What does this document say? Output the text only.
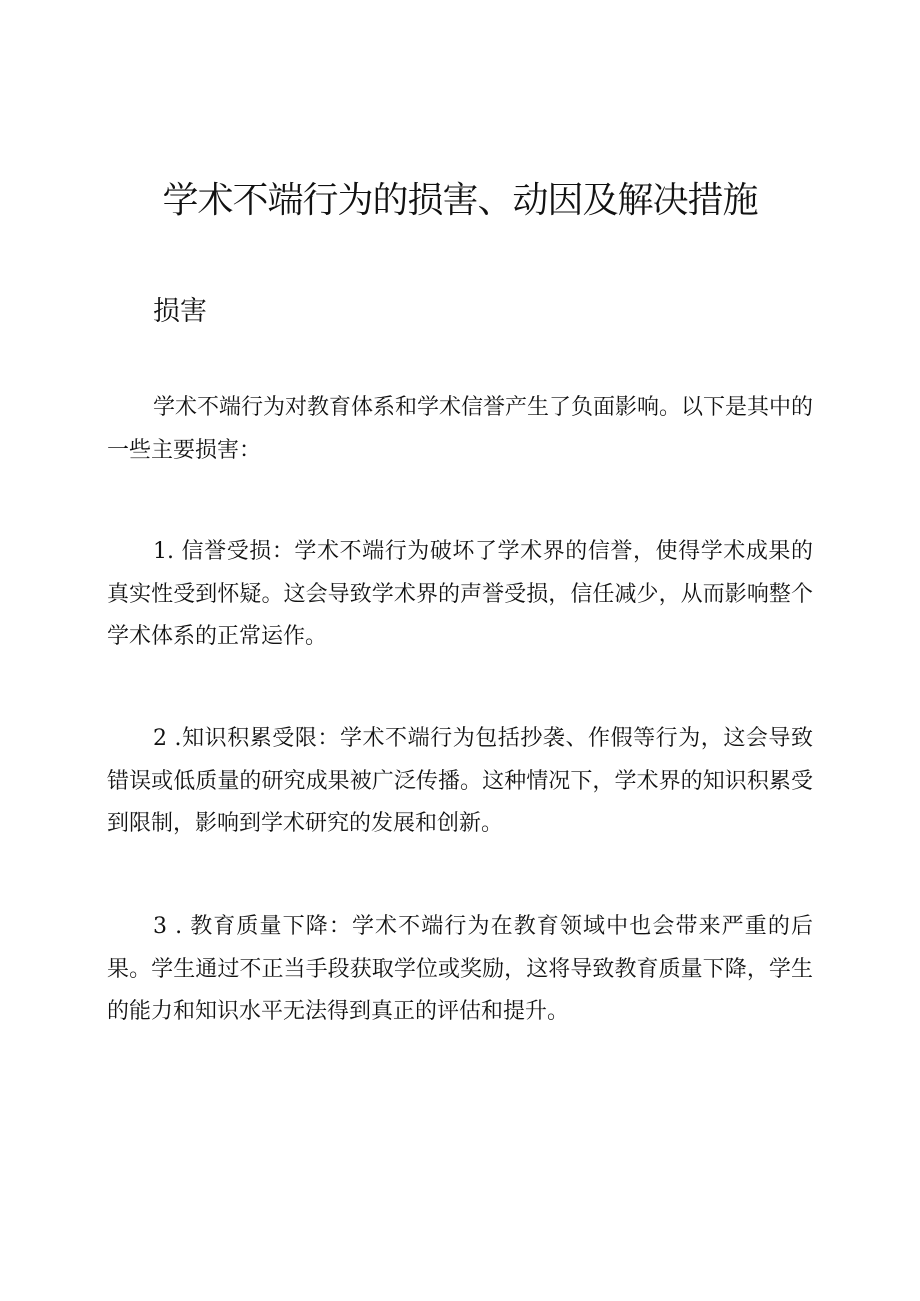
学术不端行为的损害、动因及解决措施
损害

学术不端行为对教育体系和学术信誉产生了负面影响。以下是其中的一些主要损害：

1. 信誉受损：学术不端行为破坏了学术界的信誉，使得学术成果的真实性受到怀疑。这会导致学术界的声誉受损，信任减少，从而影响整个学术体系的正常运作。

2 .知识积累受限：学术不端行为包括抄袭、作假等行为，这会导致错误或低质量的研究成果被广泛传播。这种情况下，学术界的知识积累受到限制，影响到学术研究的发展和创新。

3 . 教育质量下降：学术不端行为在教育领域中也会带来严重的后果。学生通过不正当手段获取学位或奖励，这将导致教育质量下降，学生的能力和知识水平无法得到真正的评估和提升。
